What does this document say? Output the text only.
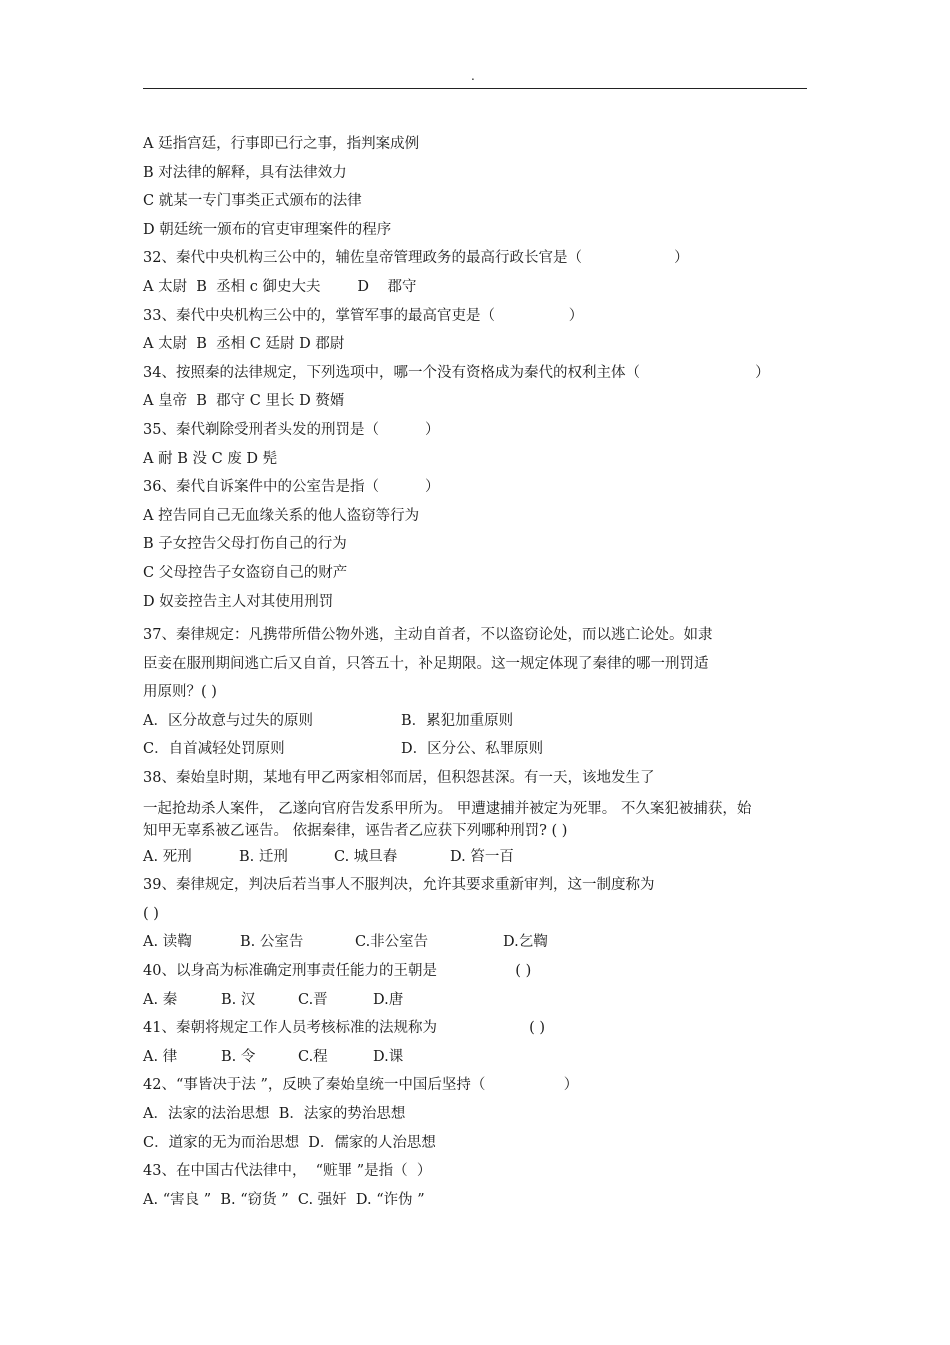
.
A 廷指宫廷，行事即已行之事，指判案成例
B 对法律的解释，具有法律效力
C 就某一专门事类正式颁布的法律
D 朝廷统一颁布的官吏审理案件的程序
32、秦代中央机构三公中的，辅佐皇帝管理政务的最高行政长官是（                    ）
A 太尉  B  丞相 c 御史大夫        D    郡守
33、秦代中央机构三公中的，掌管军事的最高官吏是（                ）
A 太尉  B  丞相 C 廷尉 D 郡尉
34、按照秦的法律规定，下列选项中，哪一个没有资格成为秦代的权利主体（                         ）
A 皇帝  B  郡守 C 里长 D 赘婿
35、秦代剃除受刑者头发的刑罚是（          ）
A 耐 B 没 C 废 D 髡
36、秦代自诉案件中的公室告是指（          ）
A 控告同自己无血缘关系的他人盗窃等行为
B 子女控告父母打伤自己的行为
C 父母控告子女盗窃自己的财产
D 奴妾控告主人对其使用刑罚
37、秦律规定：凡携带所借公物外逃，主动自首者，不以盗窃论处，而以逃亡论处。如隶
臣妾在服刑期间逃亡后又自首，只答五十，补足期限。这一规定体现了秦律的哪一刑罚适
用原则？( )
A．区分故意与过失的原则	B．累犯加重原则
C．自首减轻处罚原则	D．区分公、私罪原则
38、秦始皇时期，某地有甲乙两家相邻而居，但积怨甚深。有一天，该地发生了
一起抢劫杀人案件， 乙遂向官府告发系甲所为。 甲遭逮捕并被定为死罪。 不久案犯被捕获，始
知甲无辜系被乙诬告。 依据秦律，诬告者乙应获下列哪种刑罚? ( )
A. 死刑	B. 迁刑	C. 城旦舂	D. 笞一百
39、秦律规定，判决后若当事人不服判决，允许其要求重新审判，这一制度称为
( )
A. 读鞫	B. 公室告	C.非公室告	D.乞鞫
40、以身高为标准确定刑事责任能力的王朝是                 ( )
A. 秦	B. 汉	C.晋	D.唐
41、秦朝将规定工作人员考核标准的法规称为                    ( )
A. 律	B. 令	C.程	D.课
42、“事皆决于法 ”，反映了秦始皇统一中国后坚持（                 ）
A．法家的法治思想  B．法家的势治思想
C．道家的无为而治思想  D．儒家的人治思想
43、在中国古代法律中，  “赃罪 ”是指（  ）
A. “害良 ”  B. “窃货 ”  C. 强奸  D. “诈伪 ”
